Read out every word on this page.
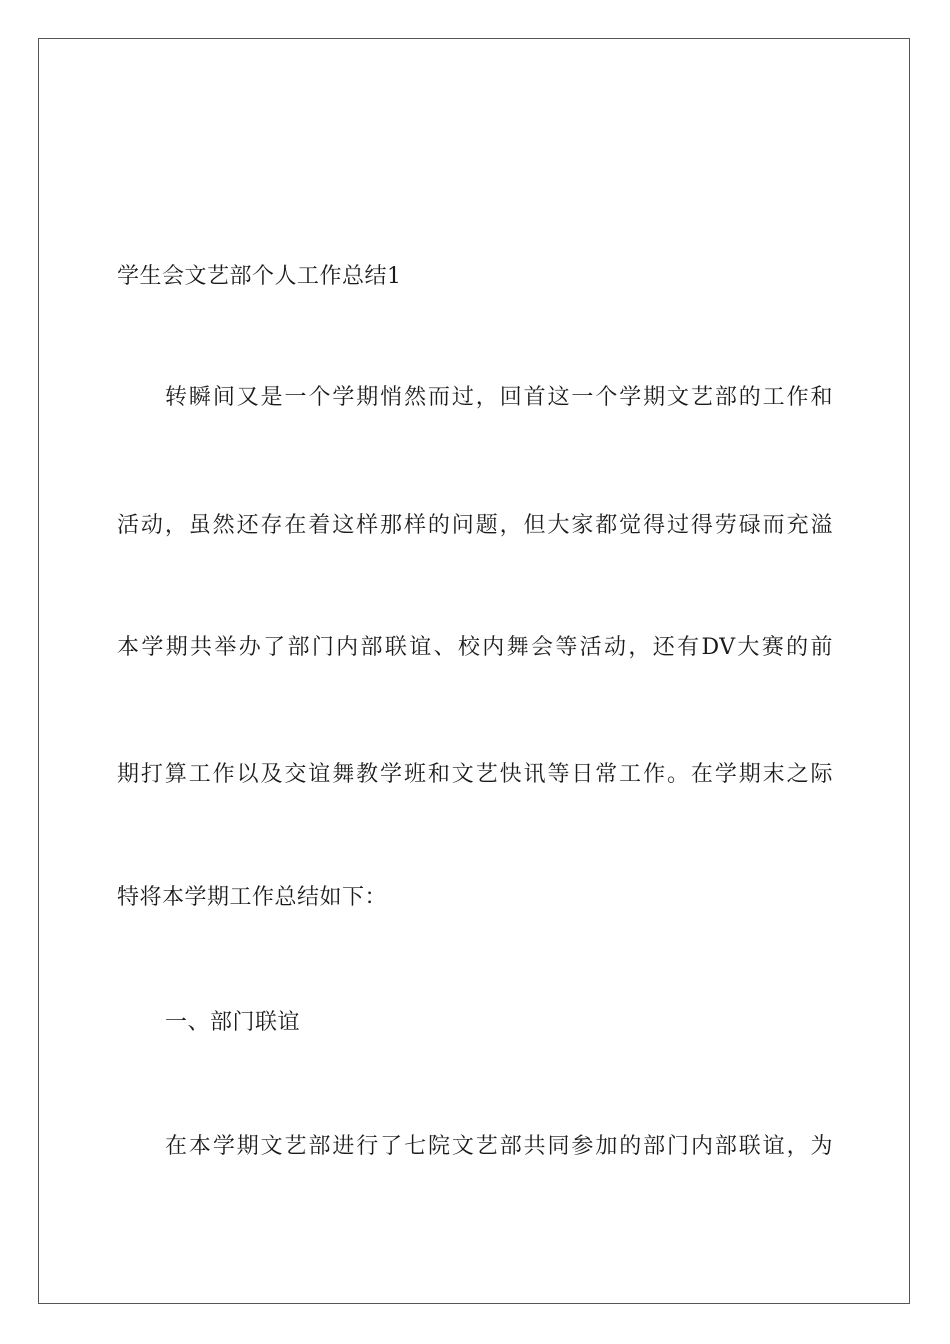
学生会文艺部个人工作总结1
转瞬间又是一个学期悄然而过，回首这一个学期文艺部的工作和
活动，虽然还存在着这样那样的问题，但大家都觉得过得劳碌而充溢
本学期共举办了部门内部联谊、校内舞会等活动，还有DV大赛的前
期打算工作以及交谊舞教学班和文艺快讯等日常工作。在学期末之际
特将本学期工作总结如下：
一、部门联谊
在本学期文艺部进行了七院文艺部共同参加的部门内部联谊，为
